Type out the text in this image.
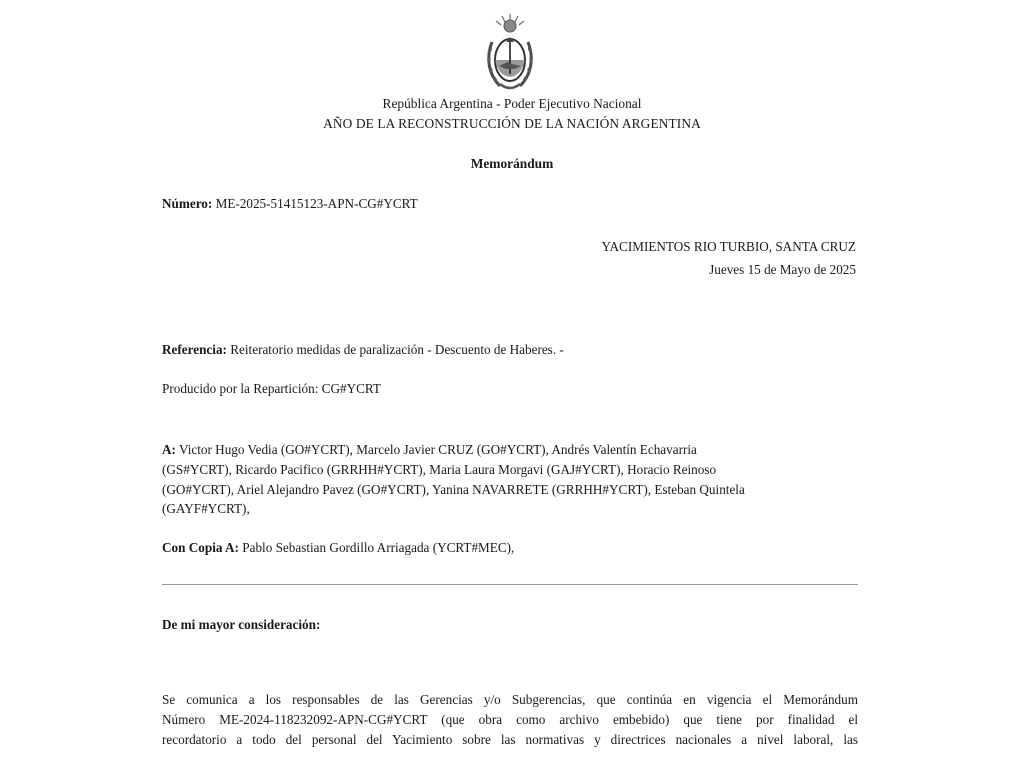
República Argentina - Poder Ejecutivo Nacional
AÑO DE LA RECONSTRUCCIÓN DE LA NACIÓN ARGENTINA
Memorándum
Número: ME-2025-51415123-APN-CG#YCRT
YACIMIENTOS RIO TURBIO, SANTA CRUZ
Jueves 15 de Mayo de 2025
Referencia: Reiteratorio medidas de paralización - Descuento de Haberes. -
Producido por la Repartición: CG#YCRT
A: Victor Hugo Vedia (GO#YCRT), Marcelo Javier CRUZ (GO#YCRT), Andrés Valentín Echavarria
(GS#YCRT), Ricardo Pacifico (GRRHH#YCRT), Maria Laura Morgavi (GAJ#YCRT), Horacio Reinoso
(GO#YCRT), Ariel Alejandro Pavez (GO#YCRT), Yanina NAVARRETE (GRRHH#YCRT), Esteban Quintela
(GAYF#YCRT),
Con Copia A: Pablo Sebastian Gordillo Arriagada (YCRT#MEC),
De mi mayor consideración:
Se comunica a los responsables de las Gerencias y/o Subgerencias, que continúa en vigencia el Memorándum
Número ME-2024-118232092-APN-CG#YCRT (que obra como archivo embebido) que tiene por finalidad el
recordatorio a todo del personal del Yacimiento sobre las normativas y directrices nacionales a nivel laboral, las
